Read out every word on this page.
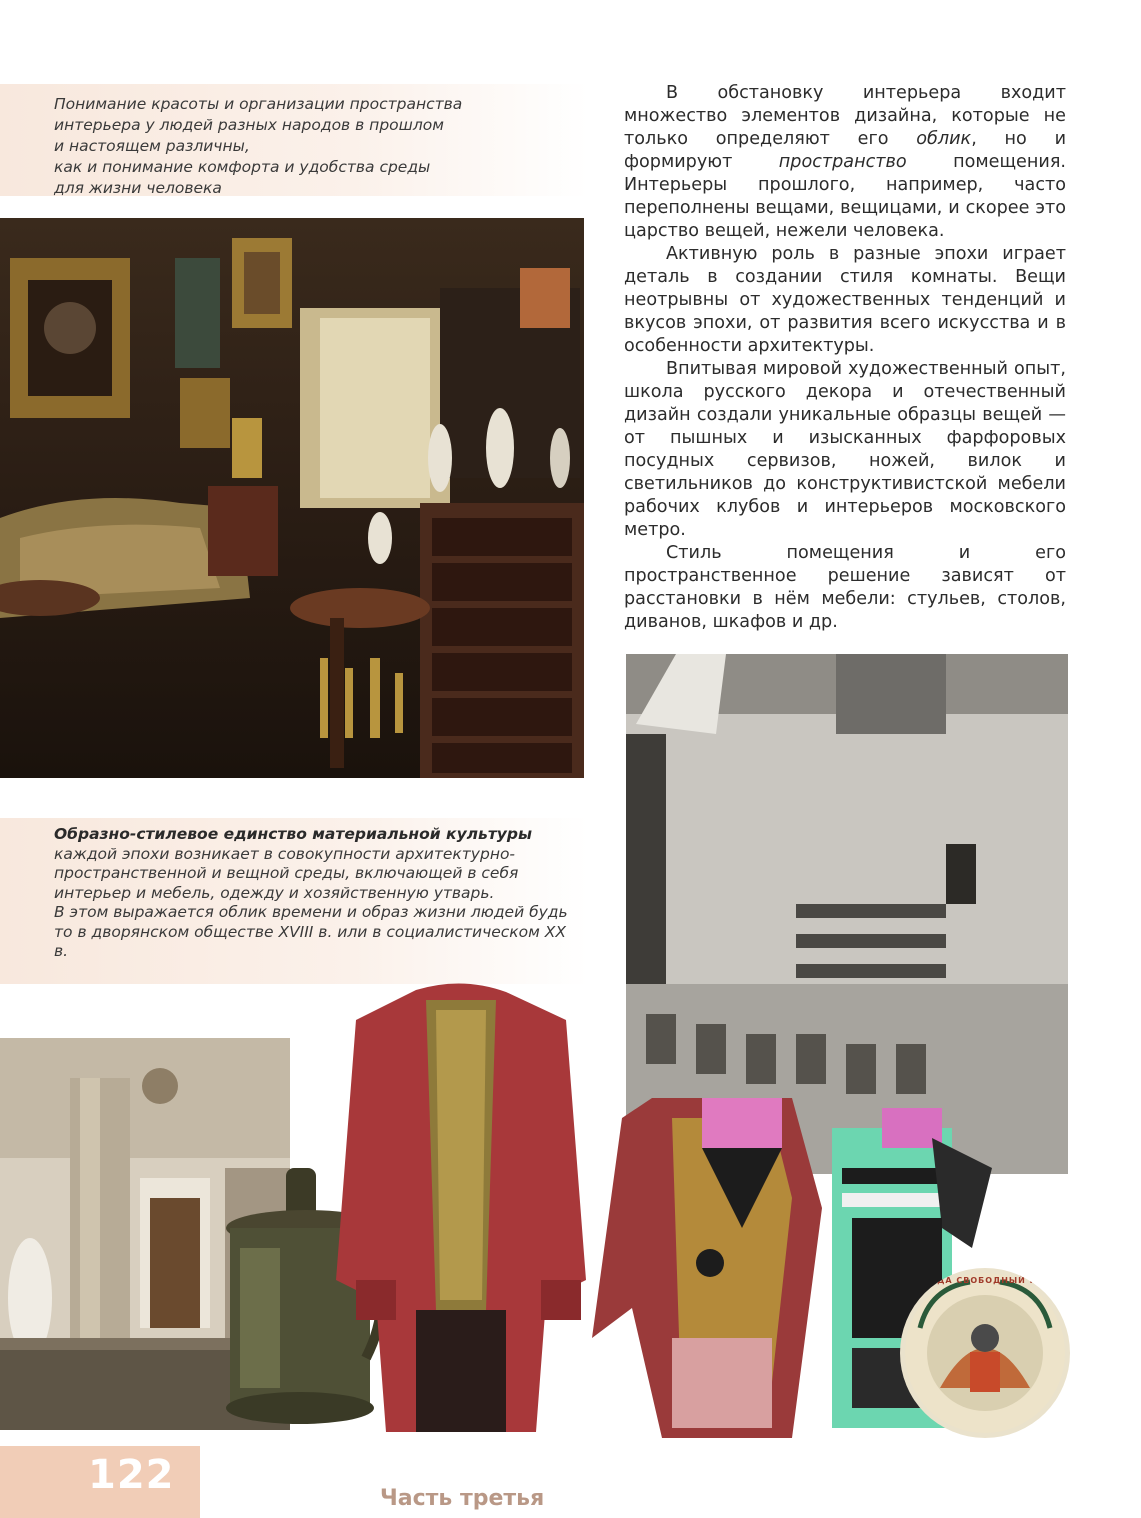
Понимание красоты и организации пространства
интерьера у людей разных народов в прошлом
и настоящем различны,
как и понимание комфорта и удобства среды
для жизни человека
Образно-стилевое единство материальной культуры каждой эпохи возникает в совокупности архитектурно-пространственной и вещной среды, включающей в себя интерьер и мебель, одежду и хозяйственную утварь.
В этом выражается облик времени и образ жизни людей будь то в дворянском обществе XVIII в. или в социалистическом XX в.

В обстановку интерьера входит множество элементов дизайна, которые не только определяют его облик, но и формируют пространство помещения. Интерьеры прошлого, например, часто переполнены вещами, вещицами, и скорее это царство вещей, нежели человека.

Активную роль в разные эпохи играет деталь в создании стиля комнаты. Вещи неотрывны от художественных тенденций и вкусов эпохи, от развития всего искусства и в особенности архитектуры.

Впитывая мировой художественный опыт, школа русского декора и отечественный дизайн создали уникальные образцы вещей — от пышных и изысканных фарфоровых посудных сервизов, ножей, вилок и светильников до конструктивистской мебели рабочих клубов и интерьеров московского метро.

Стиль помещения и его пространственное решение зависят от расстановки в нём мебели: стульев, столов, диванов, шкафов и др.

ТРУДА СВОБОДНЫЙ МИР
122
Часть третья
